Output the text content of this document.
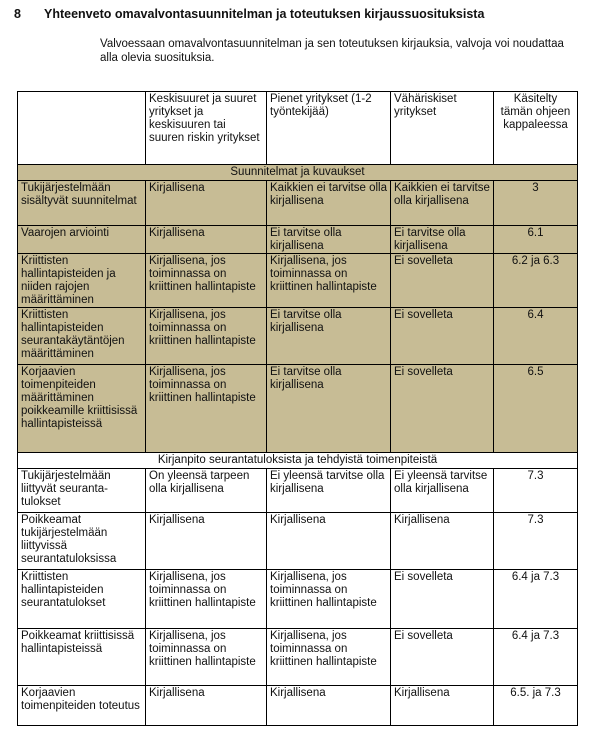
8	Yhteenveto omavalvontasuunnitelman ja toteutuksen kirjaussuosituksista
Valvoessaan omavalvontasuunnitelman ja sen toteutuksen kirjauksia, valvoja voi noudattaa alla olevia suosituksia.
	Keskisuuret ja suuret yritykset ja keskisuuren tai suuren riskin yritykset	Pienet yritykset (1-2 työntekijää)	Vähäriskiset yritykset	Käsitelty tämän ohjeen kappaleessa
Suunnitelmat ja kuvaukset				
Tukijärjestelmään sisältyvät suunnitelmat	Kirjallisena	Kaikkien ei tarvitse olla kirjallisena	Kaikkien ei tarvitse olla kirjallisena	3
Vaarojen arviointi	Kirjallisena	Ei tarvitse olla kirjallisena	Ei tarvitse olla kirjallisena	6.1
Kriittisten hallintapisteiden ja niiden rajojen määrittäminen	Kirjallisena, jos toiminnassa on kriittinen hallintapiste	Kirjallisena, jos toiminnassa on kriittinen hallintapiste	Ei sovelleta	6.2 ja 6.3
Kriittisten hallintapisteiden seurantakäytäntöjen määrittäminen	Kirjallisena, jos toiminnassa on kriittinen hallintapiste	Ei tarvitse olla kirjallisena	Ei sovelleta	6.4
Korjaavien toimenpiteiden määrittäminen poikkeamille kriittisissä hallintapisteissä	Kirjallisena, jos toiminnassa on kriittinen hallintapiste	Ei tarvitse olla kirjallisena	Ei sovelleta	6.5
Kirjanpito seurantatuloksista ja tehdyistä toimenpiteistä				
Tukijärjestelmään liittyvät seuranta-tulokset	On yleensä tarpeen olla kirjallisena	Ei yleensä tarvitse olla kirjallisena	Ei yleensä tarvitse olla kirjallisena	7.3
Poikkeamat tukijärjestelmään liittyvissä seurantatuloksissa	Kirjallisena	Kirjallisena	Kirjallisena	7.3
Kriittisten hallintapisteiden seurantatulokset	Kirjallisena, jos toiminnassa on kriittinen hallintapiste	Kirjallisena, jos toiminnassa on kriittinen hallintapiste	Ei sovelleta	6.4 ja 7.3
Poikkeamat kriittisissä hallintapisteissä	Kirjallisena, jos toiminnassa on kriittinen hallintapiste	Kirjallisena, jos toiminnassa on kriittinen hallintapiste	Ei sovelleta	6.4 ja 7.3
Korjaavien toimenpiteiden toteutus	Kirjallisena	Kirjallisena	Kirjallisena	6.5. ja 7.3
